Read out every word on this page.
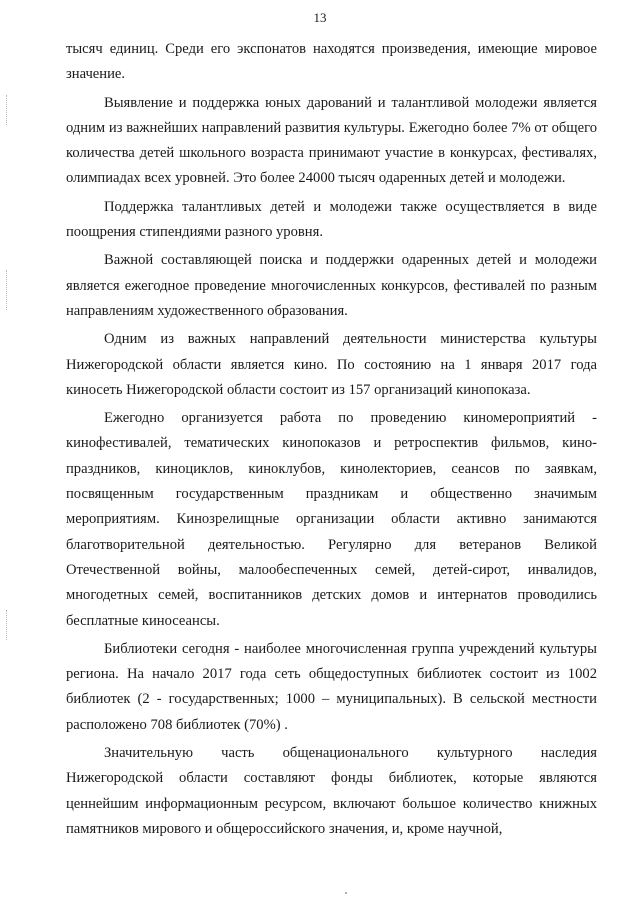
13

тысяч единиц. Среди его экспонатов находятся произведения, имеющие мировое значение.

Выявление и поддержка юных дарований и талантливой молодежи является одним из важнейших направлений развития культуры. Ежегодно более 7% от общего количества детей школьного возраста принимают участие в конкурсах, фестивалях, олимпиадах всех уровней. Это более 24000 тысяч одаренных детей и молодежи.

Поддержка талантливых детей и молодежи также осуществляется в виде поощрения стипендиями разного уровня.

Важной составляющей поиска и поддержки одаренных детей и молодежи является ежегодное проведение многочисленных конкурсов, фестивалей по разным направлениям художественного образования.

Одним из важных направлений деятельности министерства культуры Нижегородской области является кино. По состоянию на 1 января 2017 года киносеть Нижегородской области состоит из 157 организаций кинопоказа.

Ежегодно организуется работа по проведению киномероприятий - кинофестивалей, тематических кинопоказов и ретроспектив фильмов, кино-праздников, киноциклов, киноклубов, кинолекториев, сеансов по заявкам, посвященным государственным праздникам и общественно значимым мероприятиям. Кинозрелищные организации области активно занимаются благотворительной деятельностью. Регулярно для ветеранов Великой Отечественной войны, малообеспеченных семей, детей-сирот, инвалидов, многодетных семей, воспитанников детских домов и интернатов проводились бесплатные киносеансы.

Библиотеки сегодня - наиболее многочисленная группа учреждений культуры региона. На начало 2017 года сеть общедоступных библиотек состоит из 1002 библиотек (2 - государственных; 1000 – муниципальных). В сельской местности расположено 708 библиотек (70%) .

Значительную часть общенационального культурного наследия Нижегородской области составляют фонды библиотек, которые являются ценнейшим информационным ресурсом, включают большое количество книжных памятников мирового и общероссийского значения, и, кроме научной,
